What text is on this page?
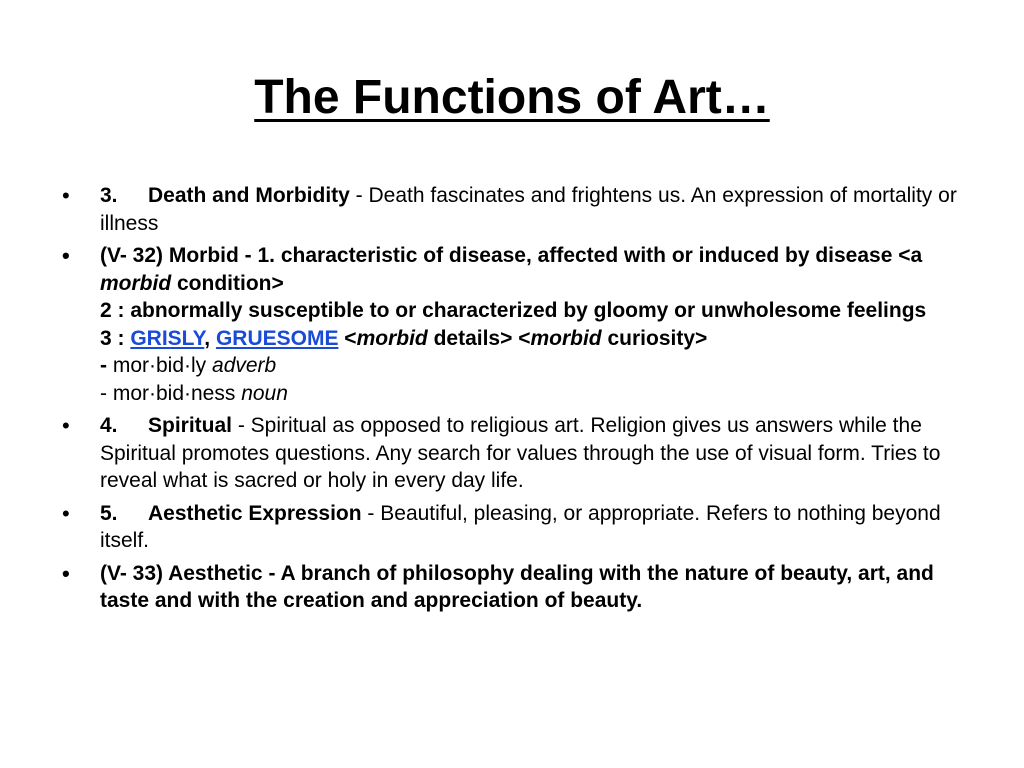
The Functions of Art…
•	3. Death and Morbidity - Death fascinates and frightens us. An expression of mortality or illness
•	(V- 32) Morbid - 1. characteristic of disease, affected with or induced by disease <a morbid condition>
2 : abnormally susceptible to or characterized by gloomy or unwholesome feelings
3 : GRISLY, GRUESOME <morbid details> <morbid curiosity>
- mor·bid·ly adverb
- mor·bid·ness noun
•	4. Spiritual - Spiritual as opposed to religious art. Religion gives us answers while the Spiritual promotes questions. Any search for values through the use of visual form. Tries to reveal what is sacred or holy in every day life.
•	5. Aesthetic Expression - Beautiful, pleasing, or appropriate. Refers to nothing beyond itself.
•	(V- 33) Aesthetic - A branch of philosophy dealing with the nature of beauty, art, and taste and with the creation and appreciation of beauty.
